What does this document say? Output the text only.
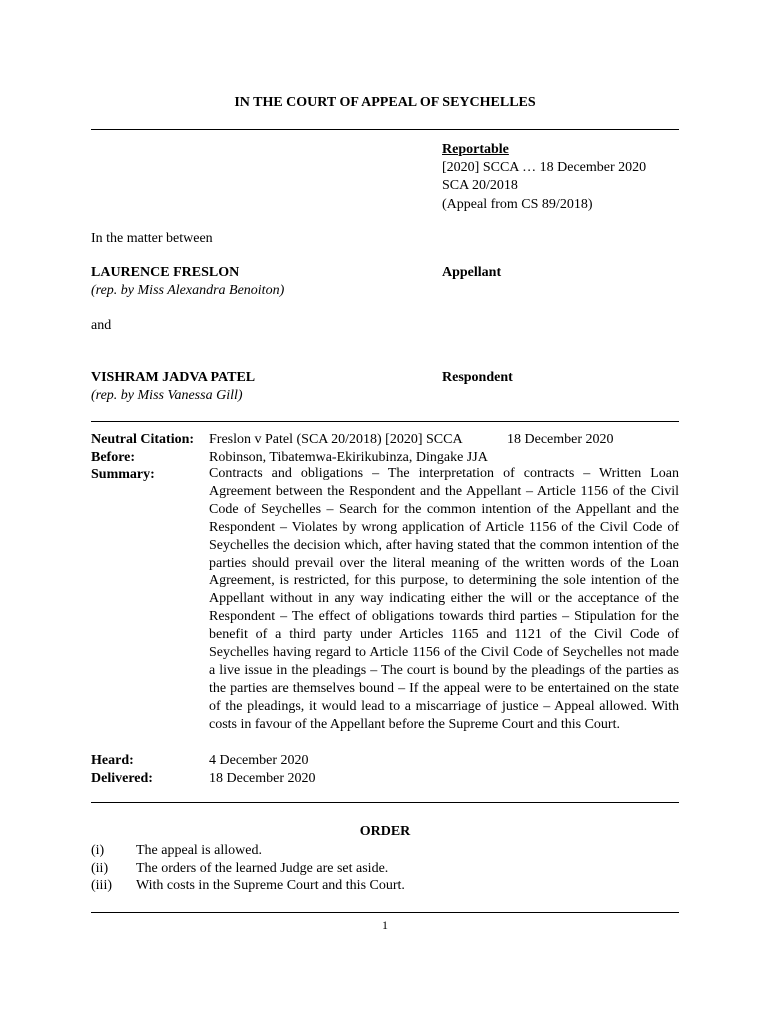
IN THE COURT OF APPEAL OF SEYCHELLES
Reportable
[2020] SCCA … 18 December 2020
SCA 20/2018
(Appeal from CS 89/2018)
In the matter between
LAURENCE FRESLON
(rep. by Miss Alexandra Benoiton)
Appellant
and
VISHRAM JADVA PATEL
(rep. by Miss Vanessa Gill)
Respondent
Neutral Citation: Freslon v Patel (SCA 20/2018) [2020] SCCA	18 December 2020
Before:	Robinson, Tibatemwa-Ekirikubinza, Dingake JJA
Summary:	Contracts and obligations – The interpretation of contracts – Written Loan Agreement between the Respondent and the Appellant – Article 1156 of the Civil Code of Seychelles – Search for the common intention of the Appellant and the Respondent – Violates by wrong application of Article 1156 of the Civil Code of Seychelles the decision which, after having stated that the common intention of the parties should prevail over the literal meaning of the written words of the Loan Agreement, is restricted, for this purpose, to determining the sole intention of the Appellant without in any way indicating either the will or the acceptance of the Respondent – The effect of obligations towards third parties – Stipulation for the benefit of a third party under Articles 1165 and 1121 of the Civil Code of Seychelles having regard to Article 1156 of the Civil Code of Seychelles not made a live issue in the pleadings – The court is bound by the pleadings of the parties as the parties are themselves bound – If the appeal were to be entertained on the state of the pleadings, it would lead to a miscarriage of justice – Appeal allowed. With costs in favour of the Appellant before the Supreme Court and this Court.
Heard:	4 December 2020
Delivered:	18 December 2020
ORDER
(i) The appeal is allowed.
(ii) The orders of the learned Judge are set aside.
(iii) With costs in the Supreme Court and this Court.
1
